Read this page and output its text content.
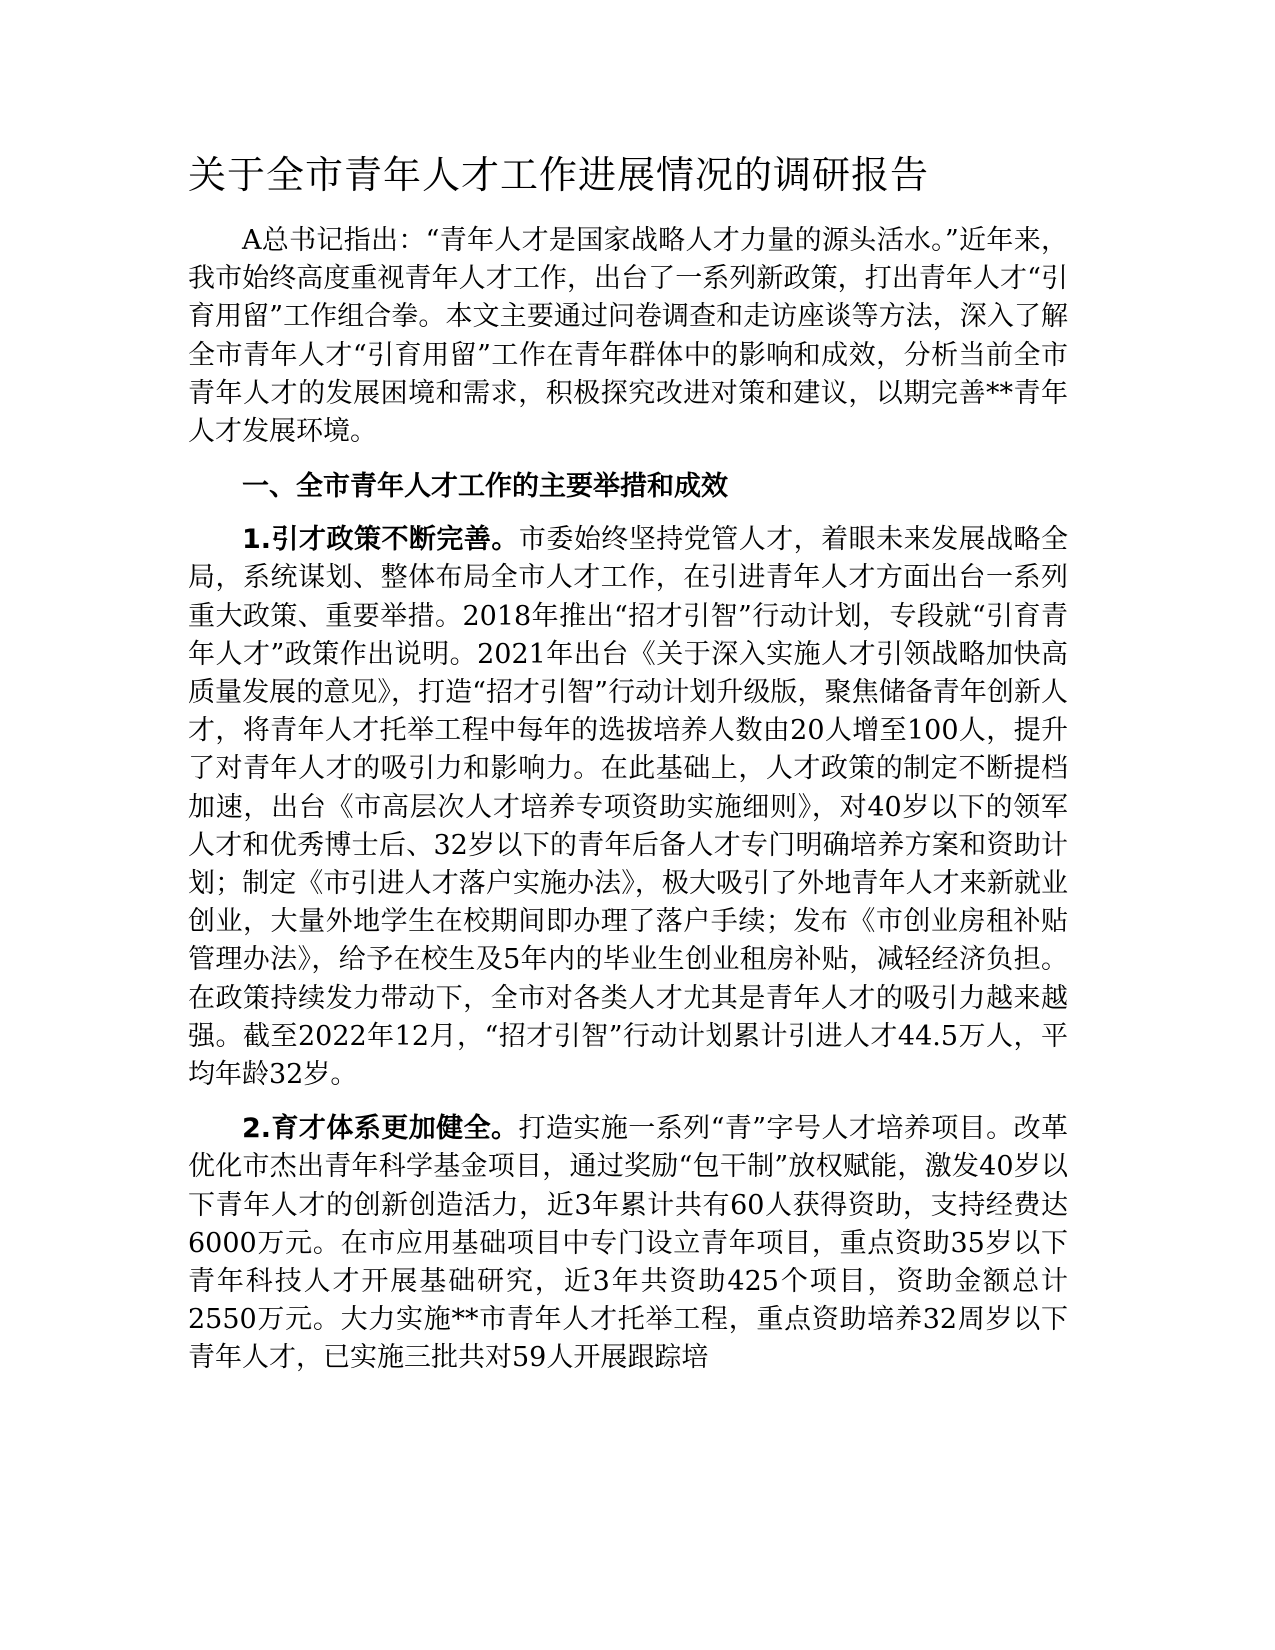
关于全市青年人才工作进展情况的调研报告

A总书记指出：“青年人才是国家战略人才力量的源头活水。”近年来，我市始终高度重视青年人才工作，出台了一系列新政策，打出青年人才“引育用留”工作组合拳。本文主要通过问卷调查和走访座谈等方法，深入了解全市青年人才“引育用留”工作在青年群体中的影响和成效，分析当前全市青年人才的发展困境和需求，积极探究改进对策和建议，以期完善**青年人才发展环境。

一、全市青年人才工作的主要举措和成效

1.引才政策不断完善。市委始终坚持党管人才，着眼未来发展战略全局，系统谋划、整体布局全市人才工作，在引进青年人才方面出台一系列重大政策、重要举措。2018年推出“招才引智”行动计划，专段就“引育青年人才”政策作出说明。2021年出台《关于深入实施人才引领战略加快高质量发展的意见》，打造“招才引智”行动计划升级版，聚焦储备青年创新人才，将青年人才托举工程中每年的选拔培养人数由20人增至100人，提升了对青年人才的吸引力和影响力。在此基础上，人才政策的制定不断提档加速，出台《市高层次人才培养专项资助实施细则》，对40岁以下的领军人才和优秀博士后、32岁以下的青年后备人才专门明确培养方案和资助计划；制定《市引进人才落户实施办法》，极大吸引了外地青年人才来新就业创业，大量外地学生在校期间即办理了落户手续；发布《市创业房租补贴管理办法》，给予在校生及5年内的毕业生创业租房补贴，减轻经济负担。在政策持续发力带动下，全市对各类人才尤其是青年人才的吸引力越来越强。截至2022年12月，“招才引智”行动计划累计引进人才44.5万人，平均年龄32岁。

2.育才体系更加健全。打造实施一系列“青”字号人才培养项目。改革优化市杰出青年科学基金项目，通过奖励“包干制”放权赋能，激发40岁以下青年人才的创新创造活力，近3年累计共有60人获得资助，支持经费达6000万元。在市应用基础项目中专门设立青年项目，重点资助35岁以下青年科技人才开展基础研究，近3年共资助425个项目，资助金额总计2550万元。大力实施**市青年人才托举工程，重点资助培养32周岁以下青年人才，已实施三批共对59人开展跟踪培
